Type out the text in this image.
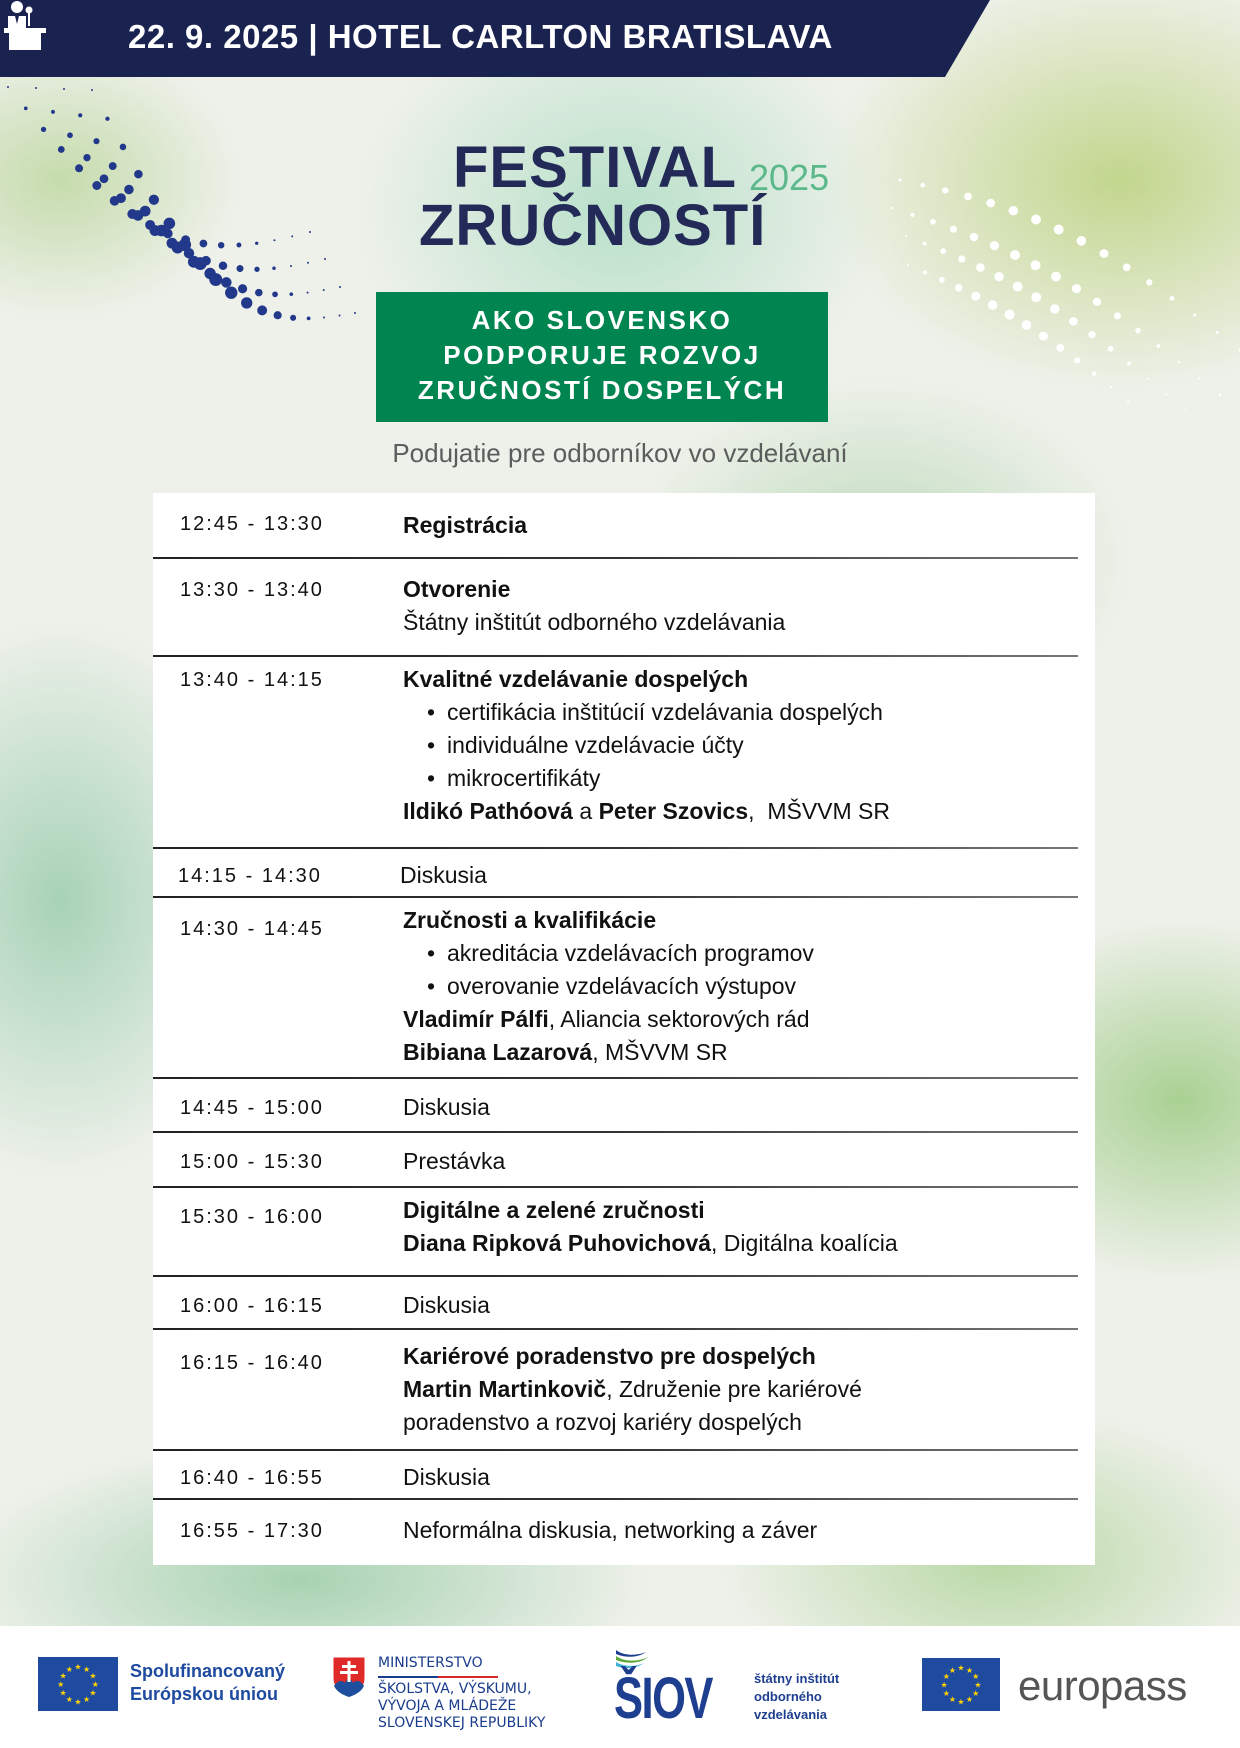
22. 9. 2025 | HOTEL CARLTON BRATISLAVA
FESTIVAL 2025
ZRUČNOSTÍ
AKO SLOVENSKO
PODPORUJE ROZVOJ
ZRUČNOSTÍ DOSPELÝCH
Podujatie pre odborníkov vo vzdelávaní
12:45 - 13:30	Registrácia
13:30 - 13:40	Otvorenie
Štátny inštitút odborného vzdelávania
13:40 - 14:15	Kvalitné vzdelávanie dospelých
• certifikácia inštitúcií vzdelávania dospelých
• individuálne vzdelávacie účty
• mikrocertifikáty
Ildikó Pathóová a Peter Szovics,  MŠVVM SR
14:15 - 14:30	Diskusia
14:30 - 14:45	Zručnosti a kvalifikácie
• akreditácia vzdelávacích programov
• overovanie vzdelávacích výstupov
Vladimír Pálfi, Aliancia sektorových rád
Bibiana Lazarová, MŠVVM SR
14:45 - 15:00	Diskusia
15:00 - 15:30	Prestávka
15:30 - 16:00	Digitálne a zelené zručnosti
Diana Ripková Puhovichová, Digitálna koalícia
16:00 - 16:15	Diskusia
16:15 - 16:40	Kariérové poradenstvo pre dospelých
Martin Martinkovič, Združenie pre kariérové
poradenstvo a rozvoj kariéry dospelých
16:40 - 16:55	Diskusia
16:55 - 17:30	Neformálna diskusia, networking a záver
★ ★
★
★
★
★
★
★
★
★
★
★	Spolufinancovaný
Európskou úniou
MINISTERSTVO
ŠKOLSTVA, VÝSKUMU,
VÝVOJA A MLÁDEŽE
SLOVENSKEJ REPUBLIKY ŠIOV	štátny inštitút
odborného
vzdelávania
★ ★
★
★
★
★
★
★
★
★
★
★ europass
